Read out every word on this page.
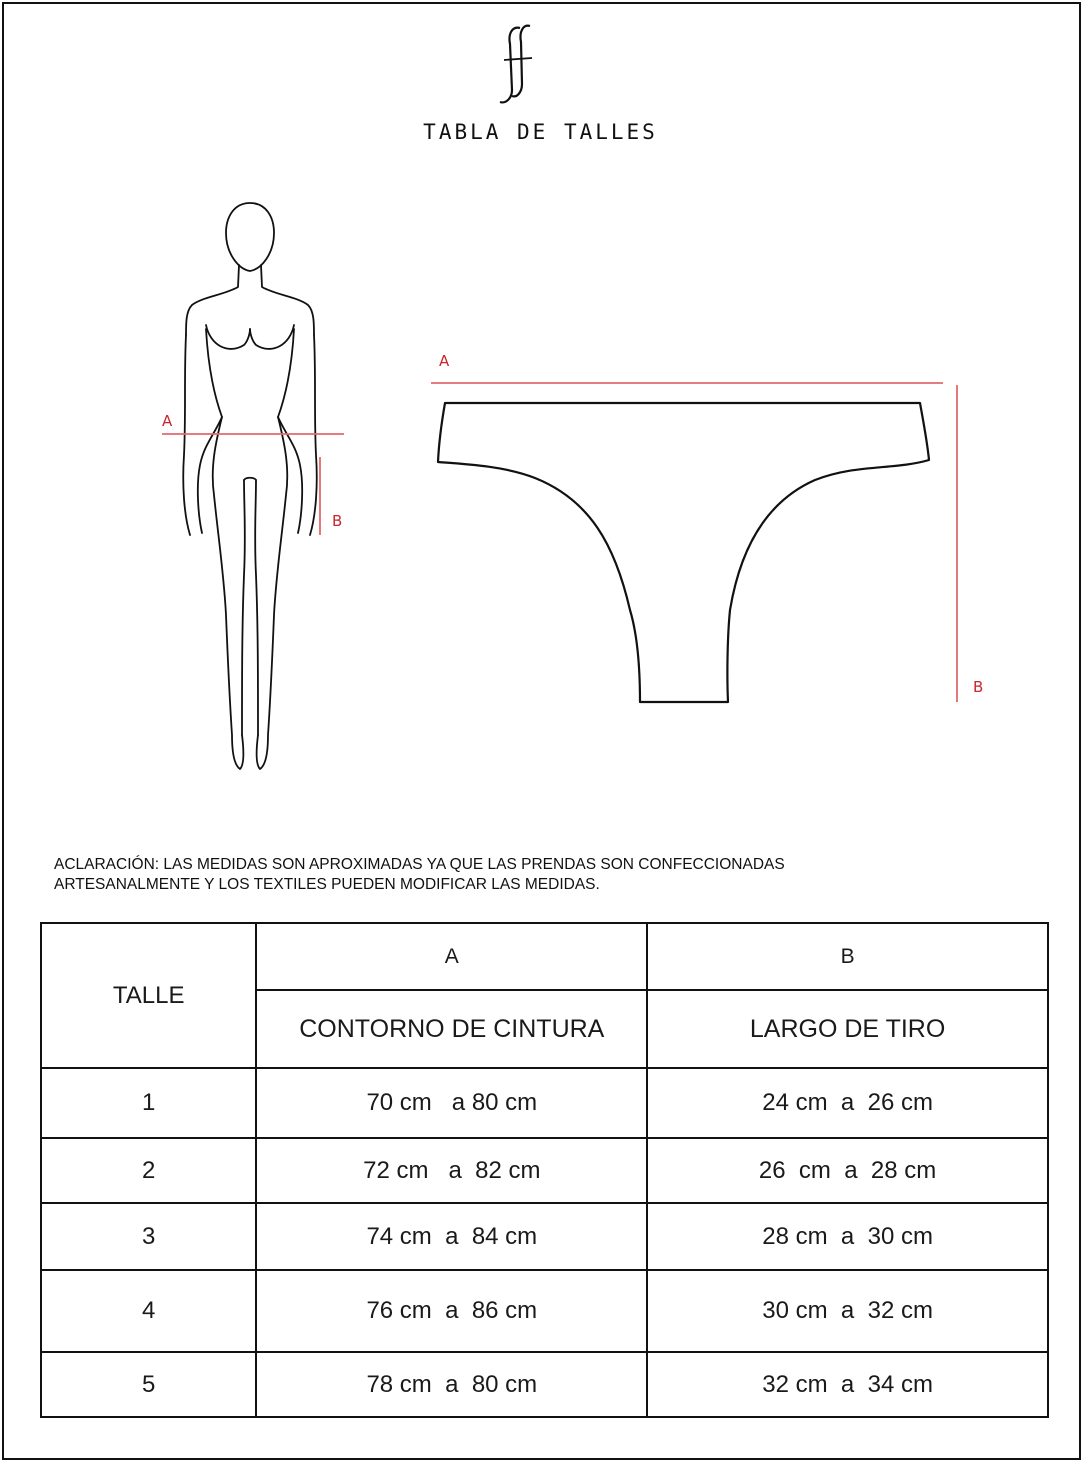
ff
TABLA DE TALLES
A
B
A
B
ACLARACIÓN: LAS MEDIDAS SON APROXIMADAS YA QUE LAS PRENDAS SON CONFECCIONADAS
ARTESANALMENTE Y LOS TEXTILES PUEDEN MODIFICAR LAS MEDIDAS.
TALLE	A	B
	CONTORNO DE CINTURA	LARGO DE TIRO
1	70 cm   a 80 cm	24 cm  a  26 cm
2	72 cm   a  82 cm	26  cm  a  28 cm
3	74 cm  a  84 cm	28 cm  a  30 cm
4	76 cm  a  86 cm	30 cm  a  32 cm
5	78 cm  a  80 cm	32 cm  a  34 cm
